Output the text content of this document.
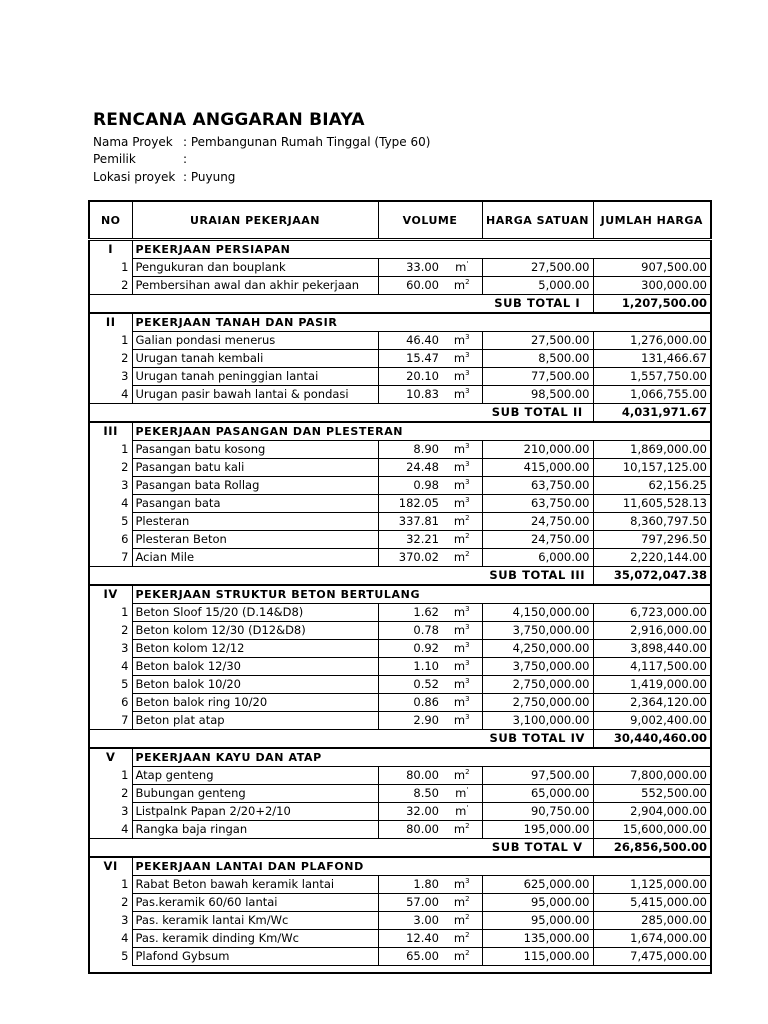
RENCANA ANGGARAN BIAYA
Nama Proyek : Pembangunan Rumah Tinggal (Type 60)
Pemilik	:
Lokasi proyek : Puyung
NO	URAIAN PEKERJAAN	VOLUME		HARGA SATUAN	JUMLAH HARGA
I	PEKERJAAN PERSIAPAN				
1	Pengukuran dan bouplank	33.00	m'	27,500.00	907,500.00
2	Pembersihan awal dan akhir pekerjaan	60.00	$m^2$	5,000.00	300,000.00
				SUB TOTAL I	1,207,500.00
II	PEKERJAAN TANAH DAN PASIR				
1	Galian pondasi menerus	46.40	$m^3$	27,500.00	1,276,000.00
2	Urugan tanah kembali	15.47	$m^3$	8,500.00	131,466.67
3	Urugan tanah peninggian lantai	20.10	$m^3$	77,500.00	1,557,750.00
4	Urugan pasir bawah lantai & pondasi	10.83	$m^3$	98,500.00	1,066,755.00
				SUB TOTAL II	4,031,971.67
III	PEKERJAAN PASANGAN DAN PLESTERAN				
1	Pasangan batu kosong	8.90	$m^3$	210,000.00	1,869,000.00
2	Pasangan batu kali	24.48	$m^3$	415,000.00	10,157,125.00
3	Pasangan bata Rollag	0.98	$m^3$	63,750.00	62,156.25
4	Pasangan bata	182.05	$m^3$	63,750.00	11,605,528.13
5	Plesteran	337.81	$m^2$	24,750.00	8,360,797.50
6	Plesteran Beton	32.21	$m^2$	24,750.00	797,296.50
7	Acian Mile	370.02	$m^2$	6,000.00	2,220,144.00
				SUB TOTAL III	35,072,047.38
IV	PEKERJAAN STRUKTUR BETON BERTULANG				
1	Beton Sloof 15/20 (D.14&D8)	1.62	$m^3$	4,150,000.00	6,723,000.00
2	Beton kolom 12/30 (D12&D8)	0.78	$m^3$	3,750,000.00	2,916,000.00
3	Beton kolom 12/12	0.92	$m^3$	4,250,000.00	3,898,440.00
4	Beton balok 12/30	1.10	$m^3$	3,750,000.00	4,117,500.00
5	Beton balok 10/20	0.52	$m^3$	2,750,000.00	1,419,000.00
6	Beton balok ring 10/20	0.86	$m^3$	2,750,000.00	2,364,120.00
7	Beton plat atap	2.90	$m^3$	3,100,000.00	9,002,400.00
				SUB TOTAL IV	30,440,460.00
V	PEKERJAAN KAYU DAN ATAP				
1	Atap genteng	80.00	$m^2$	97,500.00	7,800,000.00
2	Bubungan genteng	8.50	m'	65,000.00	552,500.00
3	Listpalnk Papan 2/20+2/10	32.00	m'	90,750.00	2,904,000.00
4	Rangka baja ringan	80.00	$m^2$	195,000.00	15,600,000.00
				SUB TOTAL V	26,856,500.00
VI	PEKERJAAN LANTAI DAN PLAFOND				
1	Rabat Beton bawah keramik lantai	1.80	$m^3$	625,000.00	1,125,000.00
2	Pas.keramik 60/60 lantai	57.00	$m^2$	95,000.00	5,415,000.00
3	Pas. keramik lantai Km/Wc	3.00	$m^2$	95,000.00	285,000.00
4	Pas. keramik dinding Km/Wc	12.40	$m^2$	135,000.00	1,674,000.00
5	Plafond Gybsum	65.00	$m^2$	115,000.00	7,475,000.00
